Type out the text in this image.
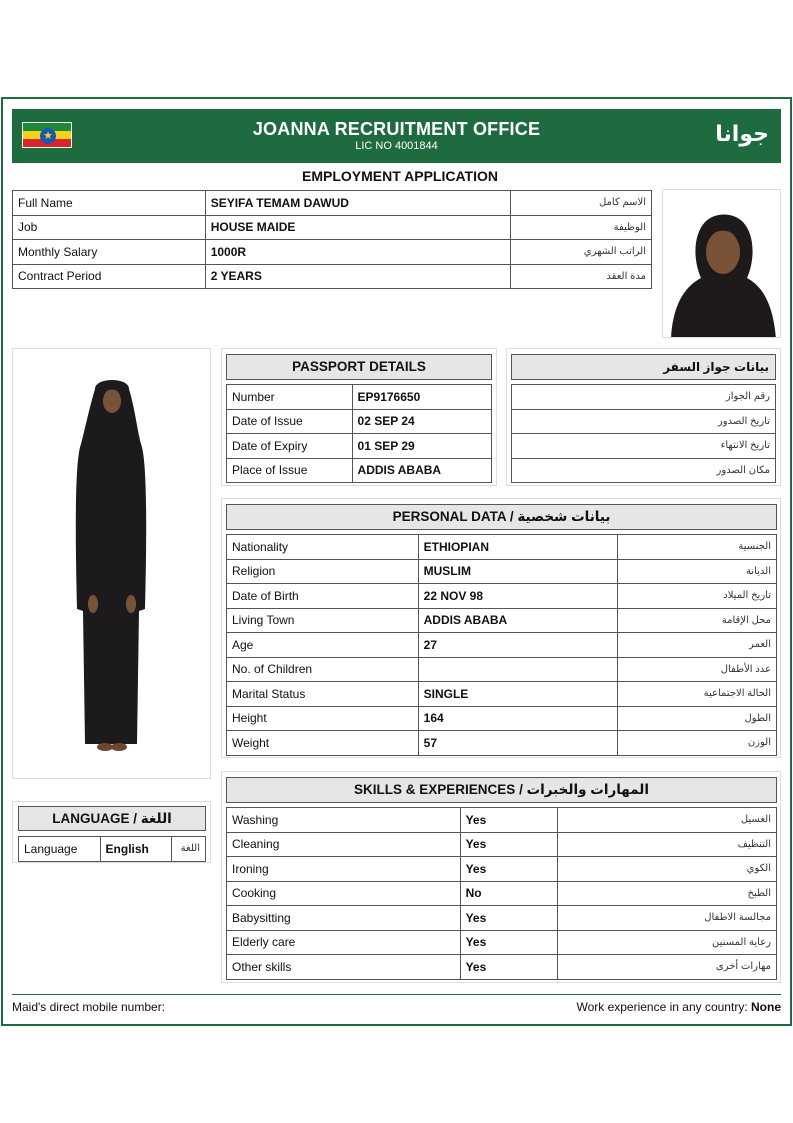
★	JOANNA RECRUITMENT OFFICE
LIC NO 4001844	جوانا
EMPLOYMENT APPLICATION
Full Name	SEYIFA TEMAM DAWUD	الاسم كامل
Job	HOUSE MAIDE	الوظيفة
Monthly Salary	1000R	الراتب الشهري
Contract Period	2 YEARS	مدة العقد
PASSPORT DETAILS
Number	EP9176650
Date of Issue	02 SEP 24
Date of Expiry	01 SEP 29
Place of Issue	ADDIS ABABA
بيانات جواز السفر
رقم الجواز
تاريخ الصدور
تاريخ الانتهاء
مكان الصدور
PERSONAL DATA / بيانات شخصية
Nationality	ETHIOPIAN	الجنسية
Religion	MUSLIM	الديانة
Date of Birth	22 NOV 98	تاريخ الميلاد
Living Town	ADDIS ABABA	محل الإقامة
Age	27	العمر
No. of Children		عدد الأطفال
Marital Status	SINGLE	الحالة الاجتماعية
Height	164	الطول
Weight	57	الوزن
SKILLS & EXPERIENCES / المهارات والخبرات
Washing	Yes	الغسيل
Cleaning	Yes	التنظيف
Ironing	Yes	الكوي
Cooking	No	الطبخ
Babysitting	Yes	مجالسة الاطفال
Elderly care	Yes	رعاية المسنين
Other skills	Yes	مهارات أخرى
LANGUAGE / اللغة
Language	English	اللغة
Maid's direct mobile number:	Work experience in any country: None
